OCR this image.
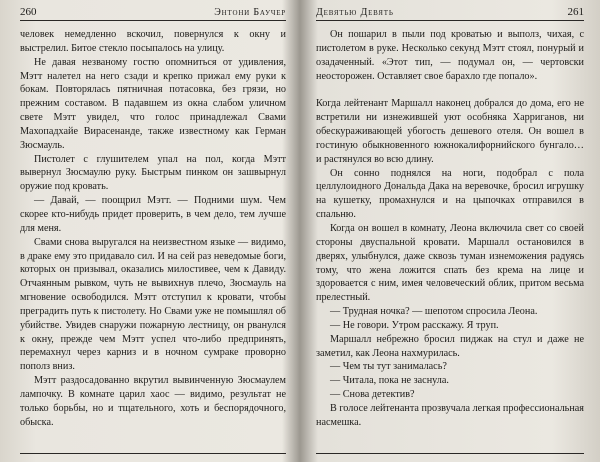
260	Энтони Баучер

человек немедленно вскочил, повернулся к окну и выстрелил. Битое стекло посыпалось на улицу.

Не давая незваному гостю опомниться от удивления, Мэтт налетел на него сзади и крепко прижал ему руки к бокам. Повторялась пятничная потасовка, без грязи, но прежним составом. В падавшем из окна слабом уличном свете Мэтт увидел, что голос принадлежал Свами Махопадхайе Вирасенанде, также известному как Герман Зюсмауль.

Пистолет с глушителем упал на пол, когда Мэтт вывернул Зюсмаулю руку. Быстрым пинком он зашвырнул оружие под кровать.

— Давай, — поощрил Мэтт. — Подними шум. Чем скорее кто-нибудь придет проверить, в чем дело, тем лучше для меня.

Свами снова выругался на неизвестном языке — видимо, в драке ему это придавало сил. И на сей раз неведомые боги, которых он призывал, оказались милостивее, чем к Давиду. Отчаянным рывком, чуть не вывихнув плечо, Зюсмауль на мгновение освободился. Мэтт отступил к кровати, чтобы преградить путь к пистолету. Но Свами уже не помышлял об убийстве. Увидев снаружи пожарную лестницу, он рванулся к окну, прежде чем Мэтт успел что-либо предпринять, перемахнул через карниз и в ночном сумраке проворно пополз вниз.

Мэтт раздосадованно вкрутил вывинченную Зюсмаулем лампочку. В комнате царил хаос — видимо, результат не только борьбы, но и тщательного, хоть и беспорядочного, обыска.

Девятью Девять	261

Он пошарил в пыли под кроватью и выполз, чихая, с пистолетом в руке. Несколько секунд Мэтт стоял, понурый и озадаченный. «Этот тип, — подумал он, — чертовски неосторожен. Оставляет свое барахло где попало».

Когда лейтенант Маршалл наконец добрался до дома, его не встретили ни изнежившей уют особняка Харриганов, ни обескураживающей убогость дешевого отеля. Он вошел в гостиную обыкновенного южнокалифорнийского бунгало… и растянулся во всю длину.

Он сонно поднялся на ноги, подобрал с пола целлулоидного Дональда Дака на веревочке, бросил игрушку на кушетку, промахнулся и на цыпочках отправился в спальню.

Когда он вошел в комнату, Леона включила свет со своей стороны двуспальной кровати. Маршалл остановился в дверях, улыбнулся, даже сквозь туман изнеможения радуясь тому, что жена ложится спать без крема на лице и здоровается с ним, имея человеческий облик, притом весьма прелестный.

— Трудная ночка? — шепотом спросила Леона.

— Не говори. Утром расскажу. Я труп.

Маршалл небрежно бросил пиджак на стул и даже не заметил, как Леона нахмурилась.

— Чем ты тут занималась?

— Читала, пока не заснула.

— Снова детектив?

В голосе лейтенанта прозвучала легкая профессиональная насмешка.
